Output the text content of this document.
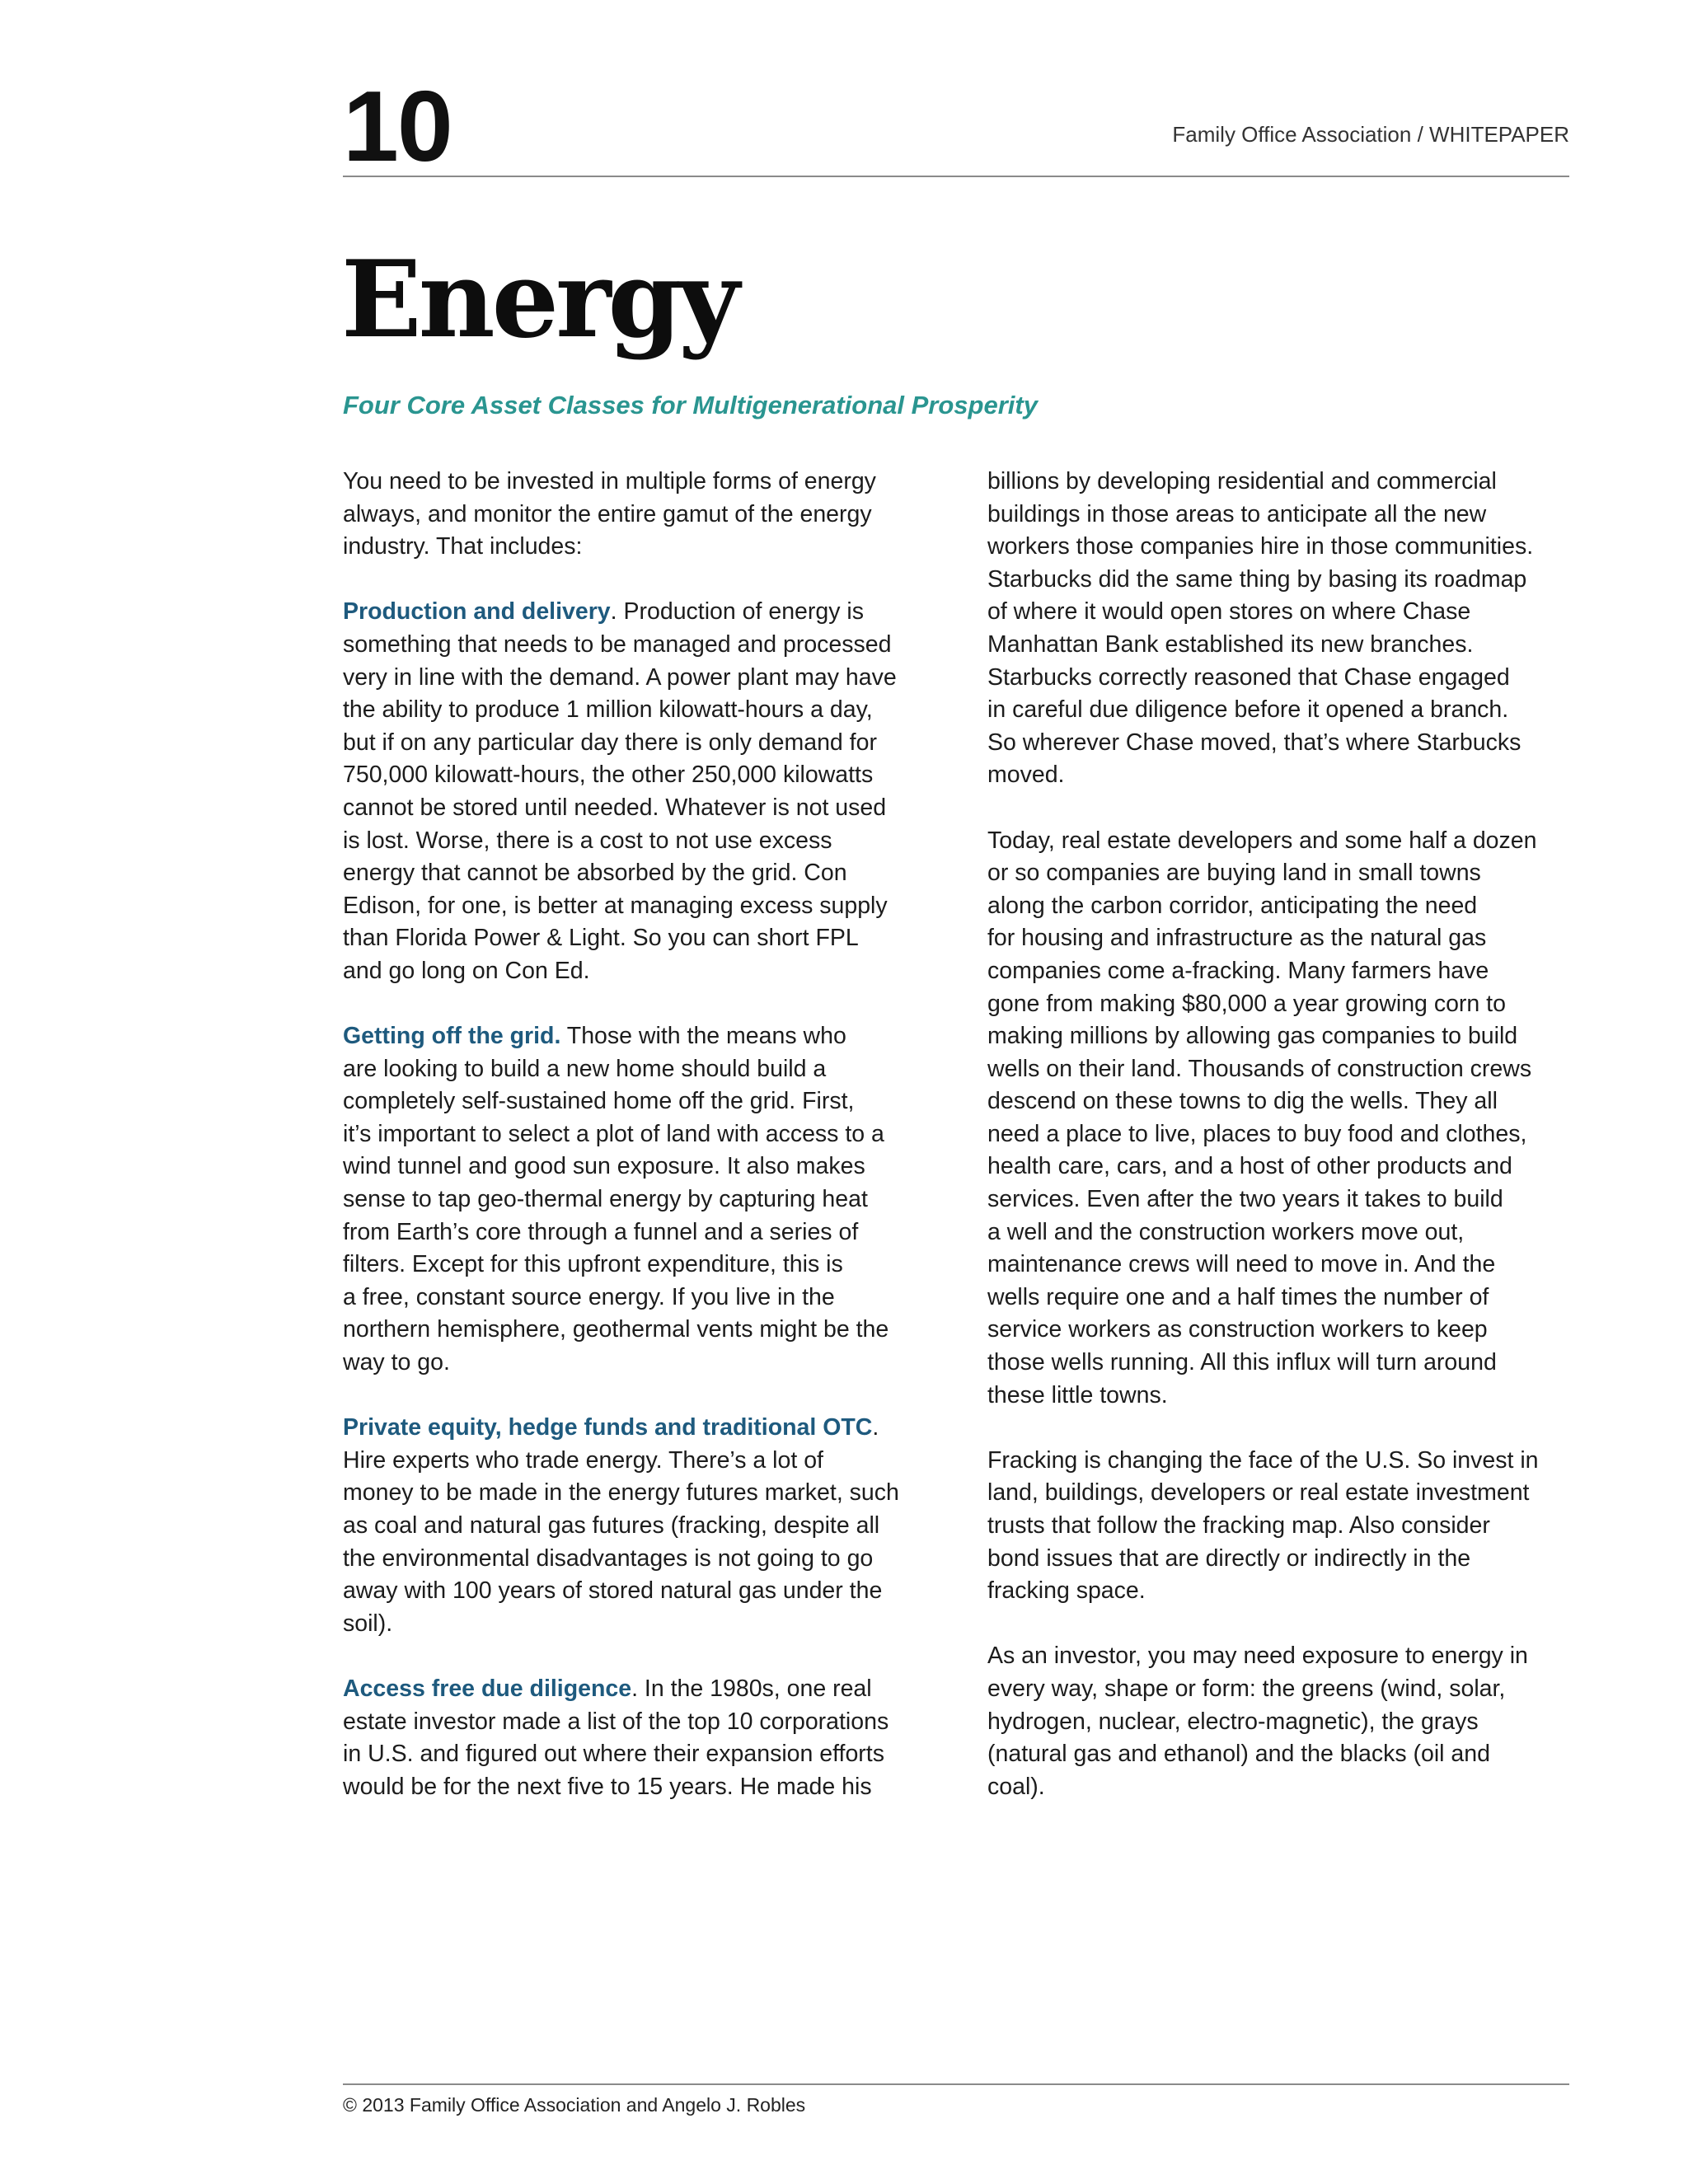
10	Family Office Association / WHITEPAPER
Energy
Four Core Asset Classes for Multigenerational Prosperity

You need to be invested in multiple forms of energy
always, and monitor the entire gamut of the energy
industry. That includes:

Production and delivery. Production of energy is
something that needs to be managed and processed
very in line with the demand. A power plant may have
the ability to produce 1 million kilowatt-hours a day,
but if on any particular day there is only demand for
750,000 kilowatt-hours, the other 250,000 kilowatts
cannot be stored until needed. Whatever is not used
is lost. Worse, there is a cost to not use excess
energy that cannot be absorbed by the grid. Con
Edison, for one, is better at managing excess supply
than Florida Power & Light. So you can short FPL
and go long on Con Ed.

Getting off the grid. Those with the means who
are looking to build a new home should build a
completely self-sustained home off the grid. First,
it’s important to select a plot of land with access to a
wind tunnel and good sun exposure. It also makes
sense to tap geo-thermal energy by capturing heat
from Earth’s core through a funnel and a series of
filters. Except for this upfront expenditure, this is
a free, constant source energy. If you live in the
northern hemisphere, geothermal vents might be the
way to go.

Private equity, hedge funds and traditional OTC.
Hire experts who trade energy. There’s a lot of
money to be made in the energy futures market, such
as coal and natural gas futures (fracking, despite all
the environmental disadvantages is not going to go
away with 100 years of stored natural gas under the
soil).

Access free due diligence. In the 1980s, one real
estate investor made a list of the top 10 corporations
in U.S. and figured out where their expansion efforts
would be for the next five to 15 years. He made his

billions by developing residential and commercial
buildings in those areas to anticipate all the new
workers those companies hire in those communities.
Starbucks did the same thing by basing its roadmap
of where it would open stores on where Chase
Manhattan Bank established its new branches.
Starbucks correctly reasoned that Chase engaged
in careful due diligence before it opened a branch.
So wherever Chase moved, that’s where Starbucks
moved.

Today, real estate developers and some half a dozen
or so companies are buying land in small towns
along the carbon corridor, anticipating the need
for housing and infrastructure as the natural gas
companies come a-fracking. Many farmers have
gone from making $80,000 a year growing corn to
making millions by allowing gas companies to build
wells on their land. Thousands of construction crews
descend on these towns to dig the wells. They all
need a place to live, places to buy food and clothes,
health care, cars, and a host of other products and
services. Even after the two years it takes to build
a well and the construction workers move out,
maintenance crews will need to move in. And the
wells require one and a half times the number of
service workers as construction workers to keep
those wells running. All this influx will turn around
these little towns.

Fracking is changing the face of the U.S. So invest in
land, buildings, developers or real estate investment
trusts that follow the fracking map. Also consider
bond issues that are directly or indirectly in the
fracking space.

As an investor, you may need exposure to energy in
every way, shape or form: the greens (wind, solar,
hydrogen, nuclear, electro-magnetic), the grays
(natural gas and ethanol) and the blacks (oil and
coal).

© 2013 Family Office Association and Angelo J. Robles
